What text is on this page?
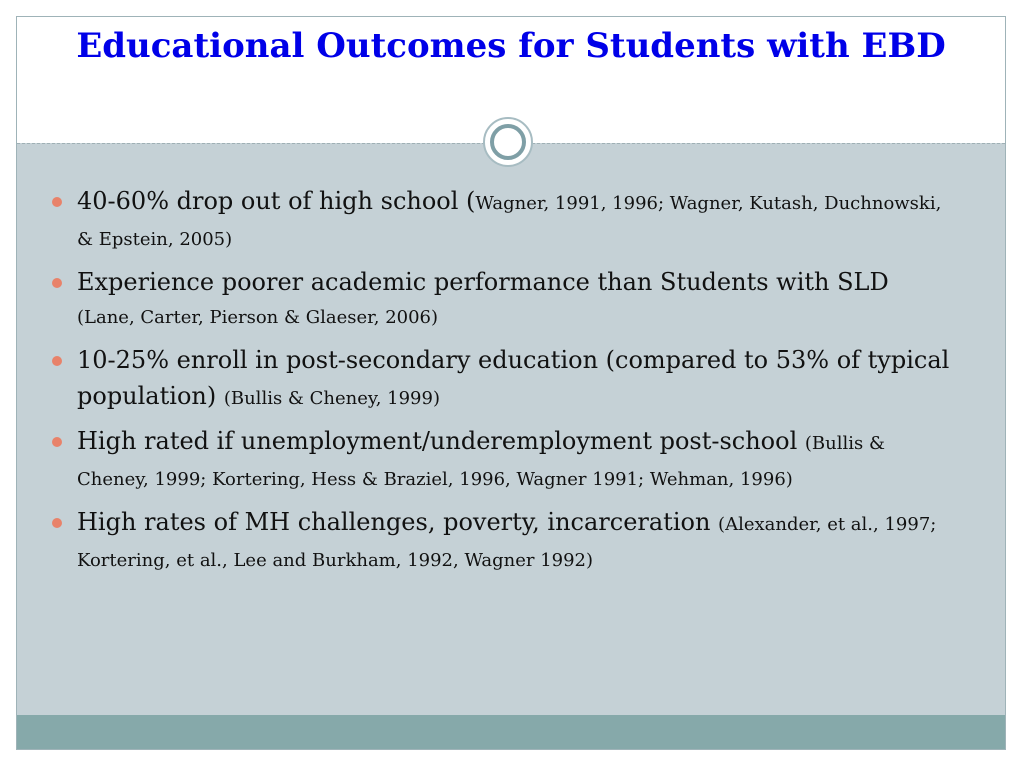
Educational Outcomes for Students with EBD
40-60% drop out of high school (Wagner, 1991, 1996; Wagner, Kutash, Duchnowski, & Epstein, 2005)
Experience poorer academic performance than Students with SLD (Lane, Carter, Pierson & Glaeser, 2006)
10-25% enroll in post-secondary education (compared to 53% of typical population) (Bullis & Cheney, 1999)
High rated if unemployment/underemployment post-school (Bullis & Cheney, 1999; Kortering, Hess & Braziel, 1996, Wagner 1991; Wehman, 1996)
High rates of MH challenges, poverty, incarceration (Alexander, et al., 1997; Kortering, et al., Lee and Burkham, 1992, Wagner 1992)
